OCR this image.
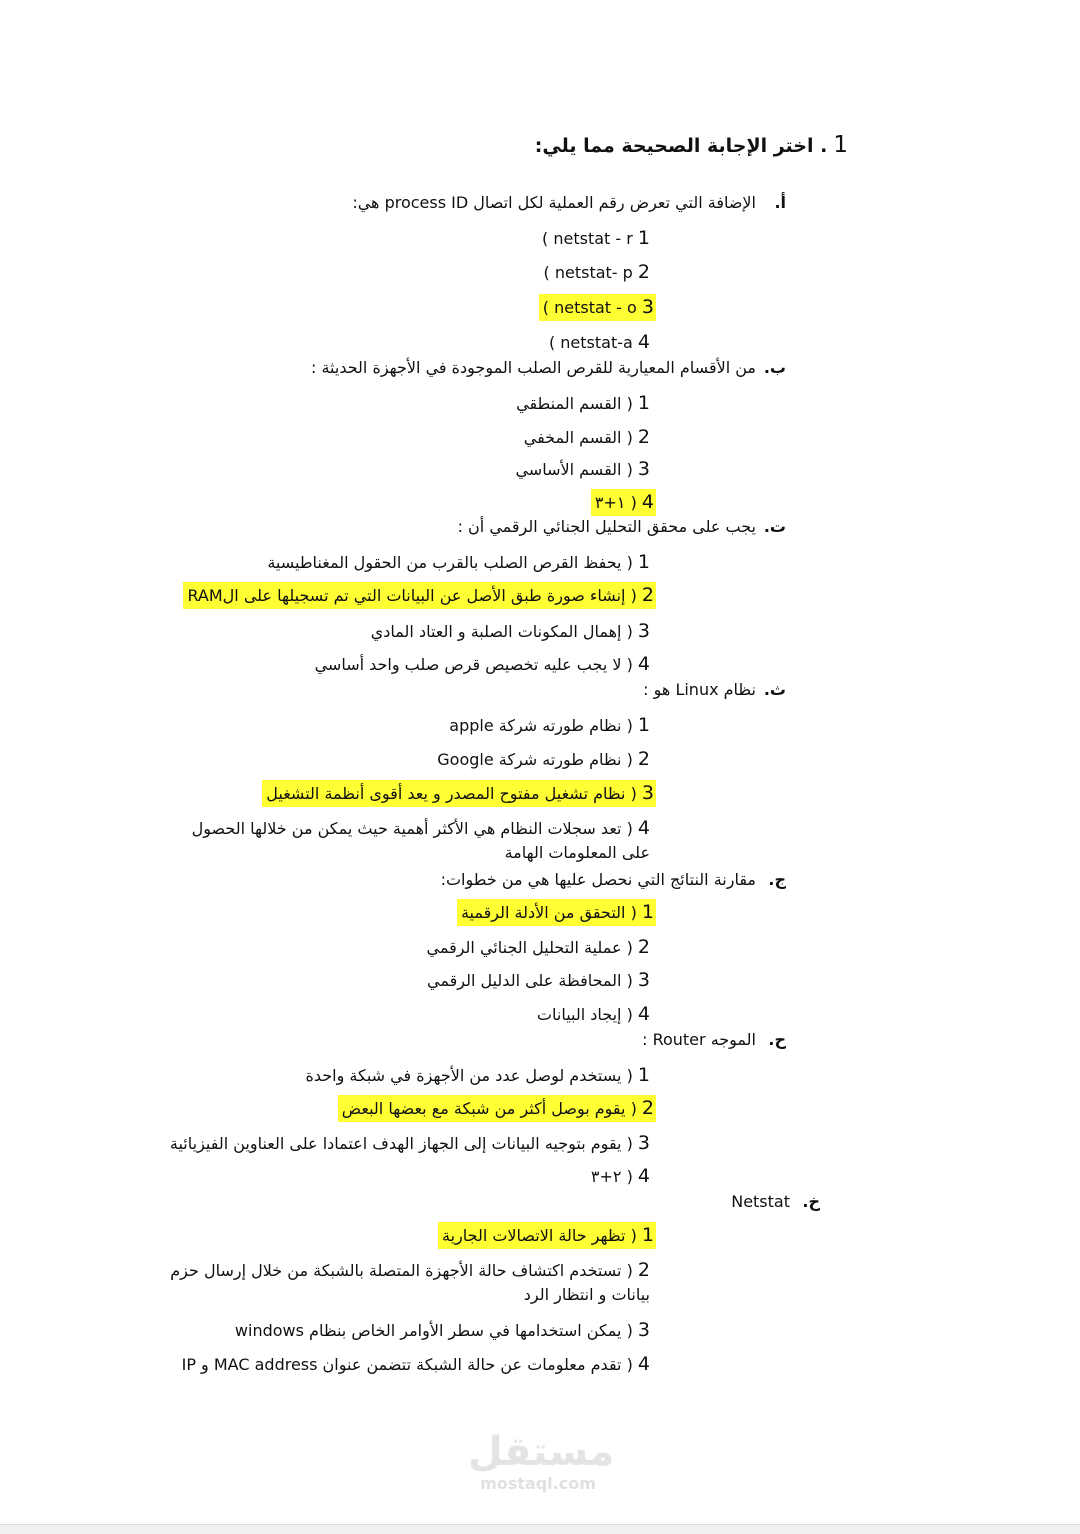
1. اختر الإجابة الصحيحة مما يلي:
أ.الإضافة التي تعرض رقم العملية لكل اتصال process ID هي:
1 ( netstat - r
2 ( netstat- p
3 ( netstat - o
4 ( netstat-a
ب.من الأقسام المعيارية للقرص الصلب الموجودة في الأجهزة الحديثة :
1 ( القسم المنطقي
2 ( القسم المخفي
3 ( القسم الأساسي
4 ( ١+٣
ت.يجب على محقق التحليل الجنائي الرقمي أن :
1 ( يحفظ القرص الصلب بالقرب من الحقول المغناطيسية
2 ( إنشاء صورة طبق الأصل عن البيانات التي تم تسجيلها على الRAM
3 ( إهمال المكونات الصلبة و العتاد المادي
4 ( لا يجب عليه تخصيص قرص صلب واحد أساسي
ث.نظام Linux هو :
1 ( نظام طورته شركة apple
2 ( نظام طورته شركة Google
3 ( نظام تشغيل مفتوح المصدر و يعد أقوى أنظمة التشغيل
4 ( تعد سجلات النظام هي الأكثر أهمية حيث يمكن من خلالها الحصول على المعلومات الهامة
ج.مقارنة النتائج التي نحصل عليها هي من خطوات:
1 ( التحقق من الأدلة الرقمية
2 ( عملية التحليل الجنائي الرقمي
3 ( المحافظة على الدليل الرقمي
4 ( إيجاد البيانات
ح.الموجه Router :
1 ( يستخدم لوصل عدد من الأجهزة في شبكة واحدة
2 ( يقوم بوصل أكثر من شبكة مع بعضها البعض
3 ( يقوم بتوجيه البيانات إلى الجهاز الهدف اعتمادا على العناوين الفيزيائية
4 ( ٢+٣
خ.Netstat
1 ( تظهر حالة الاتصالات الجارية
2 ( تستخدم اكتشاف حالة الأجهزة المتصلة بالشبكة من خلال إرسال حزم بيانات و انتظار الرد
3 ( يمكن استخدامها في سطر الأوامر الخاص بنظام windows
4 ( تقدم معلومات عن حالة الشبكة تتضمن عنوان MAC address و IP
مستقل
mostaql.com
